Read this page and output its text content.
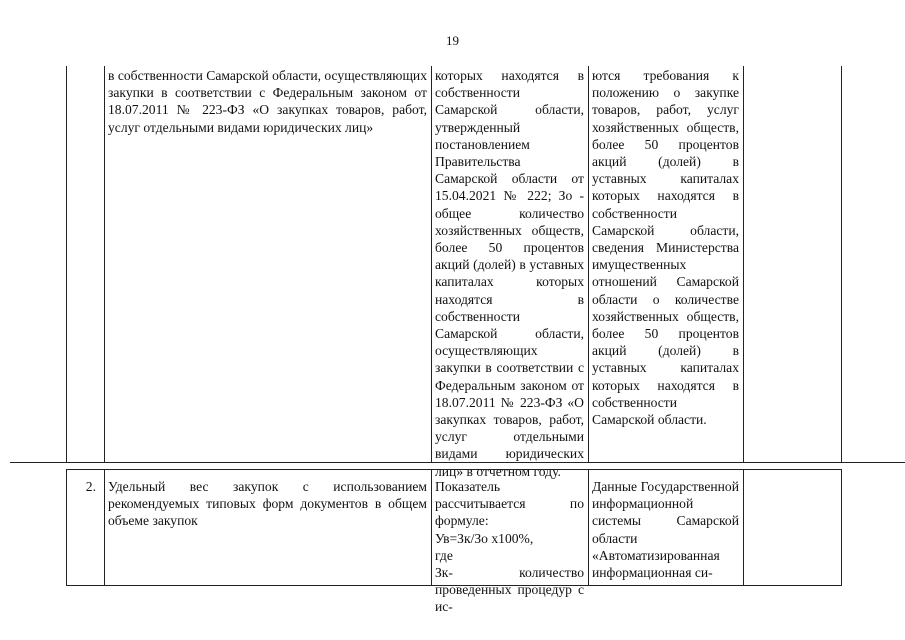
19
в собственности Самарской области, осуществляющих закупки в соответствии с Федеральным законом от 18.07.2011 № 223-ФЗ «О закупках товаров, работ, услуг отдельными видами юридических лиц»
которых находятся в собственности Самарской области, утвержденный постановлением Правительства Самарской области от 15.04.2021 № 222; Зо - общее количество хозяйственных обществ, более 50 процентов акций (долей) в уставных капиталах которых находятся в собственности Самарской области, осуществляющих закупки в соответствии с Федеральным законом от 18.07.2011 № 223-ФЗ «О закупках товаров, работ, услуг отдельными видами юридических лиц» в отчетном году.
ются требования к положению о закупке товаров, работ, услуг хозяйственных обществ, более 50 процентов акций (долей) в уставных капиталах которых находятся в собственности Самарской области, сведения Министерства имущественных отношений Самарской области о количестве хозяйственных обществ, более 50 процентов акций (долей) в уставных капиталах которых находятся в собственности Самарской области.
2. Удельный вес закупок с использованием рекомендуемых типовых форм документов в общем объеме закупок
Показатель рассчитывается по формуле:
Ув=Зк/Зо х100%,
где
Зк- количество проведенных процедур с ис-
Данные Государственной информационной системы Самарской области «Автоматизированная информационная си-
